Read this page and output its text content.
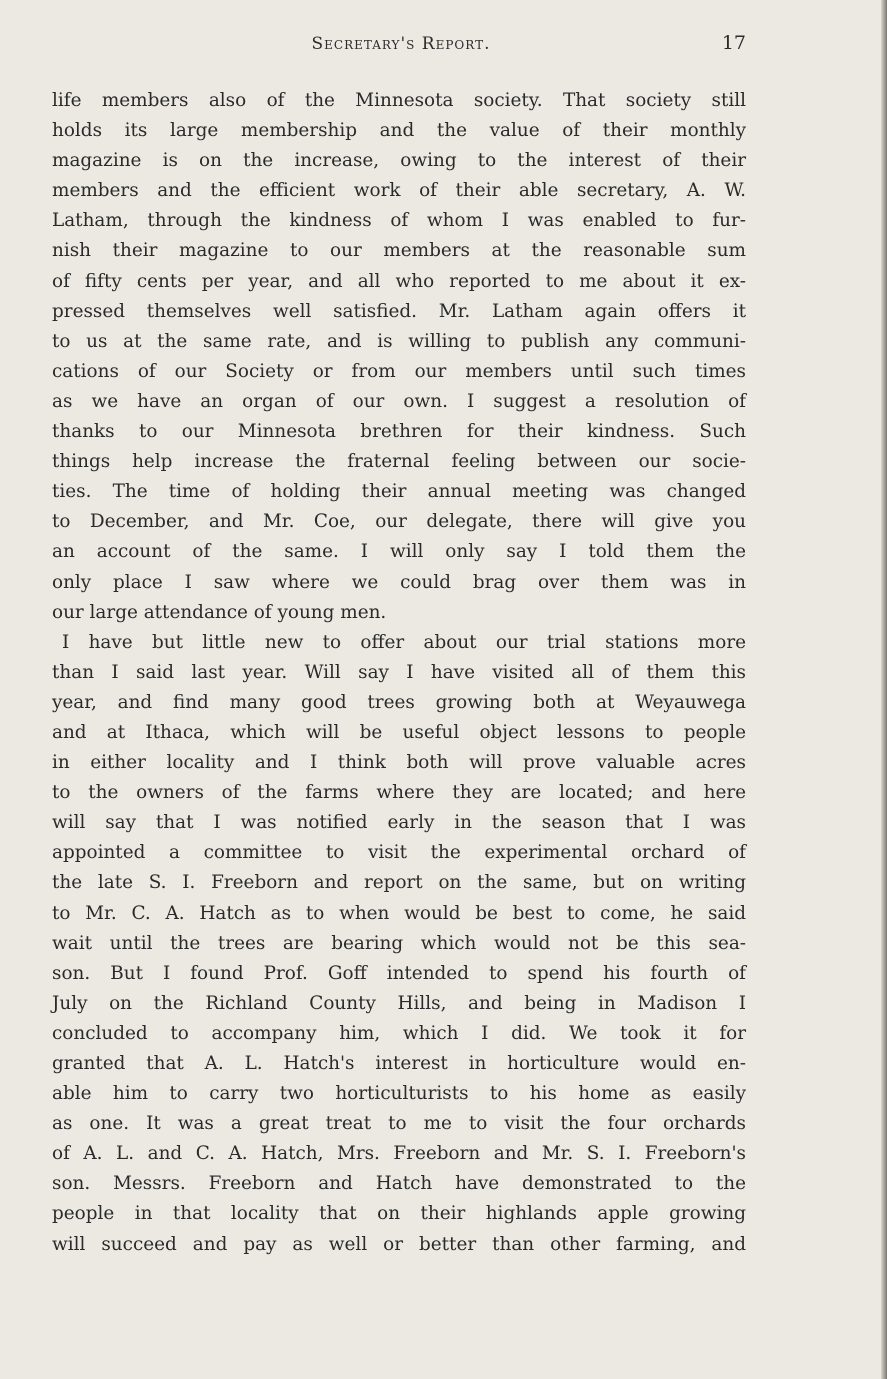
Secretary's Report.	17
life members also of the Minnesota society. That society still
holds its large membership and the value of their monthly
magazine is on the increase, owing to the interest of their
members and the efficient work of their able secretary, A. W.
Latham, through the kindness of whom I was enabled to fur-
nish their magazine to our members at the reasonable sum
of fifty cents per year, and all who reported to me about it ex-
pressed themselves well satisfied. Mr. Latham again offers it
to us at the same rate, and is willing to publish any communi-
cations of our Society or from our members until such times
as we have an organ of our own. I suggest a resolution of
thanks to our Minnesota brethren for their kindness. Such
things help increase the fraternal feeling between our socie-
ties. The time of holding their annual meeting was changed
to December, and Mr. Coe, our delegate, there will give you
an account of the same. I will only say I told them the
only place I saw where we could brag over them was in
our large attendance of young men.
I have but little new to offer about our trial stations more
than I said last year. Will say I have visited all of them this
year, and find many good trees growing both at Weyauwega
and at Ithaca, which will be useful object lessons to people
in either locality and I think both will prove valuable acres
to the owners of the farms where they are located; and here
will say that I was notified early in the season that I was
appointed a committee to visit the experimental orchard of
the late S. I. Freeborn and report on the same, but on writing
to Mr. C. A. Hatch as to when would be best to come, he said
wait until the trees are bearing which would not be this sea-
son. But I found Prof. Goff intended to spend his fourth of
July on the Richland County Hills, and being in Madison I
concluded to accompany him, which I did. We took it for
granted that A. L. Hatch's interest in horticulture would en-
able him to carry two horticulturists to his home as easily
as one. It was a great treat to me to visit the four orchards
of A. L. and C. A. Hatch, Mrs. Freeborn and Mr. S. I. Freeborn's
son. Messrs. Freeborn and Hatch have demonstrated to the
people in that locality that on their highlands apple growing
will succeed and pay as well or better than other farming, and
